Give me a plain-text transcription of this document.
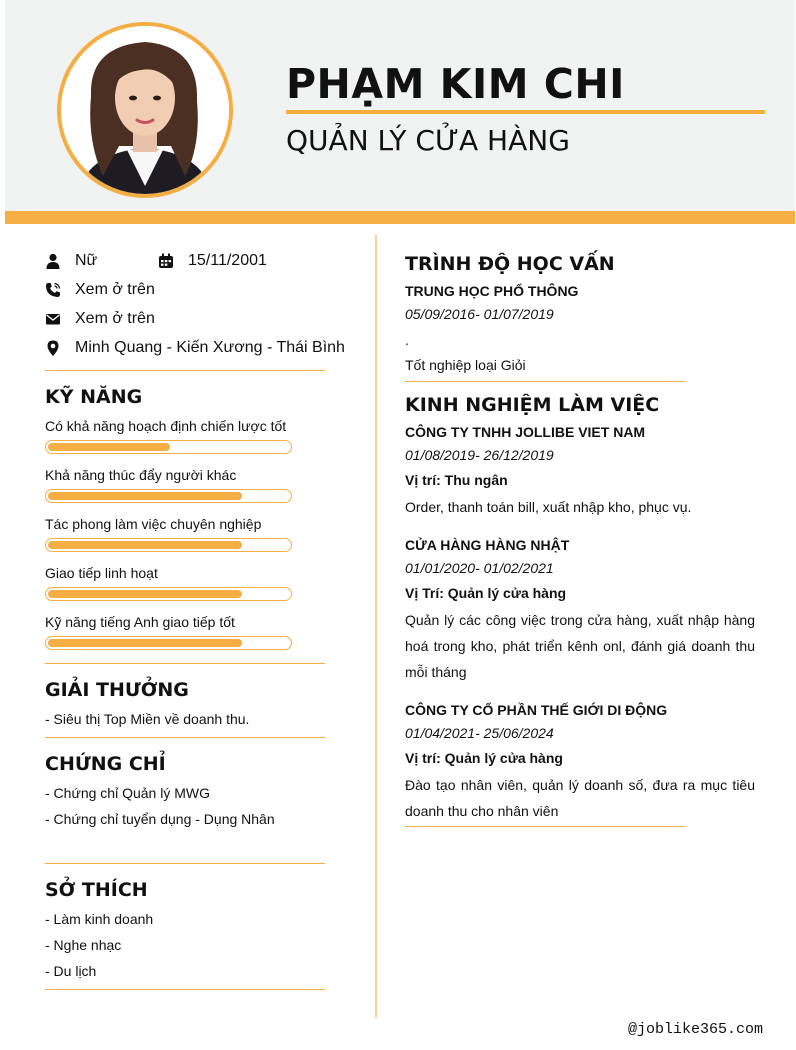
PHẠM KIM CHI
QUẢN LÝ CỬA HÀNG
Nữ	15/11/2001
Xem ở trên
Xem ở trên
Minh Quang - Kiến Xương - Thái Bình
KỸ NĂNG
Có khả năng hoạch định chiến lược tốt
Khả năng thúc đẩy người khác
Tác phong làm việc chuyên nghiệp
Giao tiếp linh hoạt
Kỹ năng tiếng Anh giao tiếp tốt
GIẢI THƯỞNG
- Siêu thị Top Miền về doanh thu.
CHỨNG CHỈ
- Chứng chỉ Quản lý MWG
- Chứng chỉ tuyển dụng - Dụng Nhân
SỞ THÍCH
- Làm kinh doanh
- Nghe nhạc
- Du lịch
TRÌNH ĐỘ HỌC VẤN
TRUNG HỌC PHỔ THÔNG
05/09/2016- 01/07/2019
.
Tốt nghiệp loại Giỏi
KINH NGHIỆM LÀM VIỆC
CÔNG TY TNHH JOLLIBE VIET NAM
01/08/2019- 26/12/2019
Vị trí: Thu ngân
Order, thanh toán bill, xuất nhập kho, phục vụ.
CỬA HÀNG HÀNG NHẬT
01/01/2020- 01/02/2021
Vị Trí: Quản lý cửa hàng
Quản lý các công việc trong cửa hàng, xuất nhập hàng hoá trong kho, phát triển kênh onl, đánh giá doanh thu mỗi tháng
CÔNG TY CỔ PHẦN THẾ GIỚI DI ĐỘNG
01/04/2021- 25/06/2024
Vị trí: Quản lý cửa hàng
Đào tạo nhân viên, quản lý doanh số, đưa ra mục tiêu doanh thu cho nhân viên
@joblike365.com
